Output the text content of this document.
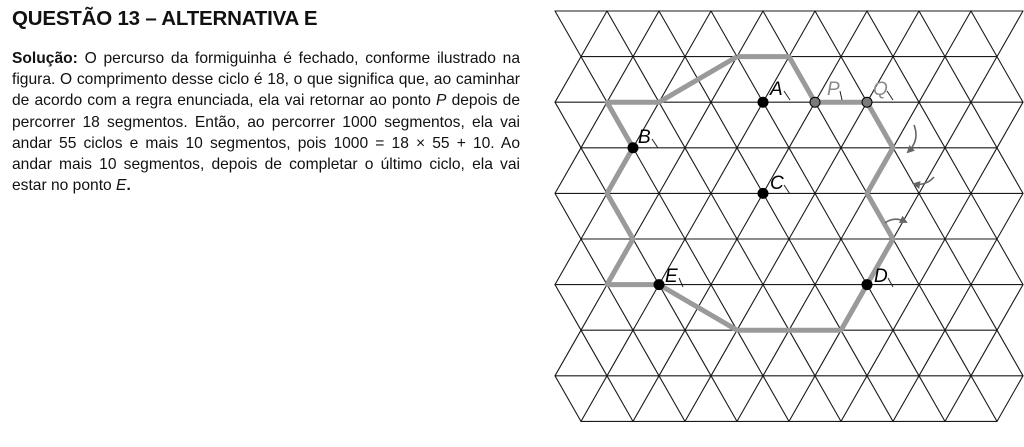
QUESTÃO 13 – ALTERNATIVA E
Solução: O percurso da formiguinha é fechado, conforme ilustrado na figura. O comprimento desse ciclo é 18, o que significa que, ao caminhar de acordo com a regra enunciada, ela vai retornar ao ponto P depois de percorrer 18 segmentos. Então, ao percorrer 1000 segmentos, ela vai andar 55 ciclos e mais 10 segmentos, pois 1000 = 18 × 55 + 10. Ao andar mais 10 segmentos, depois de completar o último ciclo, ela vai estar no ponto E.
A P Q
B
C
E	D
